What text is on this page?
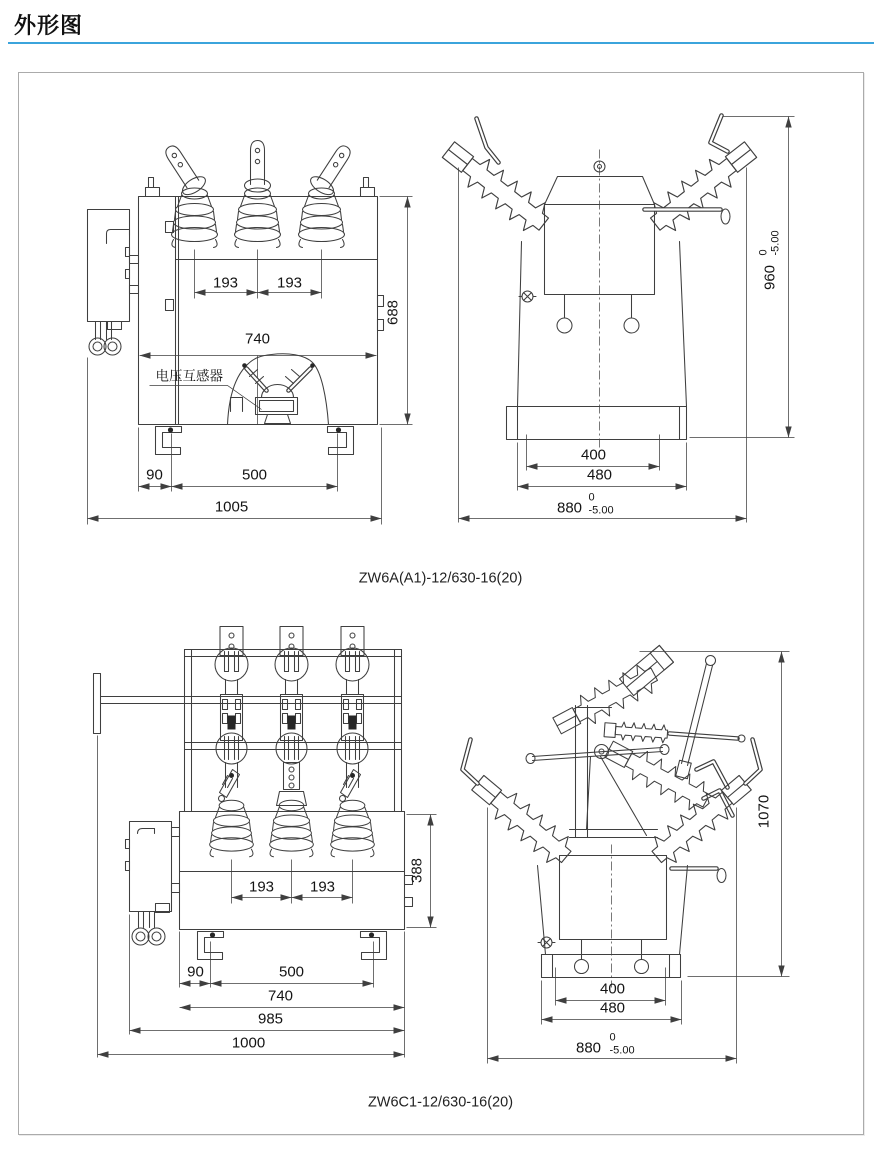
外形图
电压互感器
193	193
740
688
90	500
1005
960
0 -5.00
400
480
880
0
-5.00
ZW6A(A1)-12/630-16(20)
193 193
388
90	500
740
985
1000
1070
400
480
880
0
-5.00
ZW6C1-12/630-16(20)
